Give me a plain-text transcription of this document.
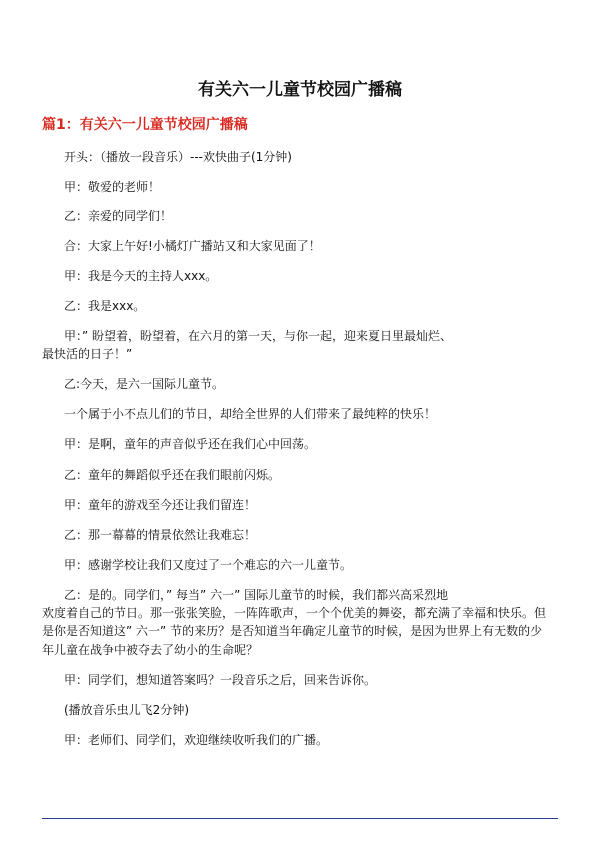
有关六一儿童节校园广播稿
篇1：有关六一儿童节校园广播稿

开头：（播放一段音乐）---欢快曲子(1分钟)

甲：敬爱的老师！

乙：亲爱的同学们！

合：大家上午好!小橘灯广播站又和大家见面了！

甲：我是今天的主持人xxx。

乙：我是xxx。

甲：” 盼望着，盼望着，在六月的第一天，与你一起，迎来夏日里最灿烂、

最快活的日子！”

乙:今天，是六一国际儿童节。

一个属于小不点儿们的节日，却给全世界的人们带来了最纯粹的快乐！

甲：是啊，童年的声音似乎还在我们心中回荡。

乙：童年的舞蹈似乎还在我们眼前闪烁。

甲：童年的游戏至今还让我们留连！

乙：那一幕幕的情景依然让我难忘！

甲：感谢学校让我们又度过了一个难忘的六一儿童节。

乙：是的。同学们，” 每当” 六一” 国际儿童节的时候，我们都兴高采烈地

欢度着自己的节日。那一张张笑脸，一阵阵歌声，一个个优美的舞姿，都充满了幸福和快乐。但

是你是否知道这” 六一” 节的来历？是否知道当年确定儿童节的时候，是因为世界上有无数的少

年儿童在战争中被夺去了幼小的生命呢？

甲：同学们，想知道答案吗？一段音乐之后，回来告诉你。

(播放音乐虫儿飞2分钟)

甲：老师们、同学们，欢迎继续收听我们的广播。
